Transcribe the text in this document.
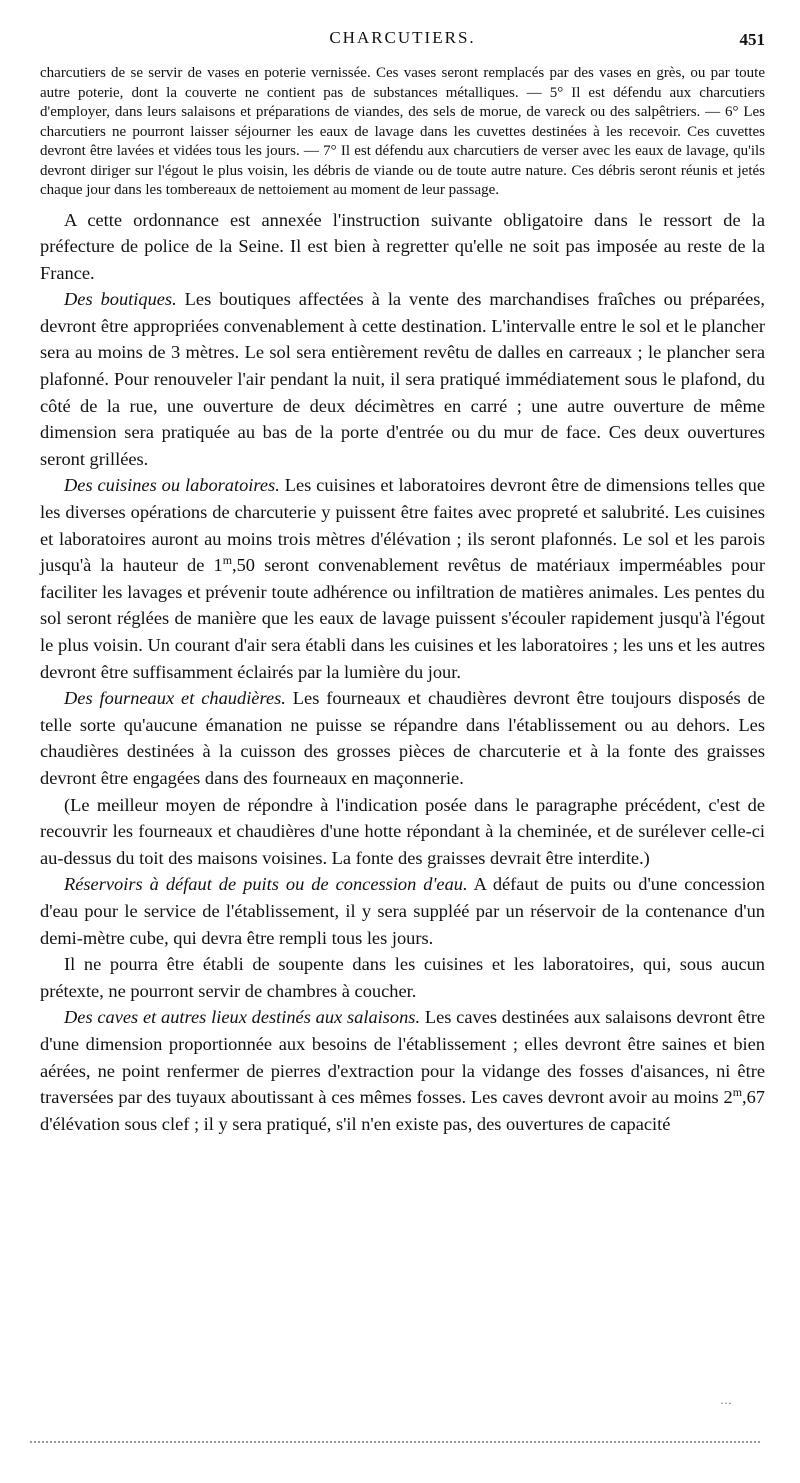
CHARCUTIERS.	451
charcutiers de se servir de vases en poterie vernissée. Ces vases seront remplacés par des vases en grès, ou par toute autre poterie, dont la couverte ne contient pas de substances métalliques. — 5° Il est défendu aux charcutiers d'employer, dans leurs salaisons et préparations de viandes, des sels de morue, de vareck ou des salpêtriers. — 6° Les charcutiers ne pourront laisser séjourner les eaux de lavage dans les cuvettes destinées à les recevoir. Ces cuvettes devront être lavées et vidées tous les jours. — 7° Il est défendu aux charcutiers de verser avec les eaux de lavage, qu'ils devront diriger sur l'égout le plus voisin, les débris de viande ou de toute autre nature. Ces débris seront réunis et jetés chaque jour dans les tombereaux de nettoiement au moment de leur passage.

A cette ordonnance est annexée l'instruction suivante obligatoire dans le ressort de la préfecture de police de la Seine. Il est bien à regretter qu'elle ne soit pas imposée au reste de la France.

Des boutiques. Les boutiques affectées à la vente des marchandises fraîches ou préparées, devront être appropriées convenablement à cette destination. L'intervalle entre le sol et le plancher sera au moins de 3 mètres. Le sol sera entièrement revêtu de dalles en carreaux ; le plancher sera plafonné. Pour renouveler l'air pendant la nuit, il sera pratiqué immédiatement sous le plafond, du côté de la rue, une ouverture de deux décimètres en carré ; une autre ouverture de même dimension sera pratiquée au bas de la porte d'entrée ou du mur de face. Ces deux ouvertures seront grillées.

Des cuisines ou laboratoires. Les cuisines et laboratoires devront être de dimensions telles que les diverses opérations de charcuterie y puissent être faites avec propreté et salubrité. Les cuisines et laboratoires auront au moins trois mètres d'élévation ; ils seront plafonnés. Le sol et les parois jusqu'à la hauteur de 1$^m$,50 seront convenablement revêtus de matériaux imperméables pour faciliter les lavages et prévenir toute adhérence ou infiltration de matières animales. Les pentes du sol seront réglées de manière que les eaux de lavage puissent s'écouler rapidement jusqu'à l'égout le plus voisin. Un courant d'air sera établi dans les cuisines et les laboratoires ; les uns et les autres devront être suffisamment éclairés par la lumière du jour.

Des fourneaux et chaudières. Les fourneaux et chaudières devront être toujours disposés de telle sorte qu'aucune émanation ne puisse se répandre dans l'établissement ou au dehors. Les chaudières destinées à la cuisson des grosses pièces de charcuterie et à la fonte des graisses devront être engagées dans des fourneaux en maçonnerie.

(Le meilleur moyen de répondre à l'indication posée dans le paragraphe précédent, c'est de recouvrir les fourneaux et chaudières d'une hotte répondant à la cheminée, et de surélever celle-ci au-dessus du toit des maisons voisines. La fonte des graisses devrait être interdite.)

Réservoirs à défaut de puits ou de concession d'eau. A défaut de puits ou d'une concession d'eau pour le service de l'établissement, il y sera suppléé par un réservoir de la contenance d'un demi-mètre cube, qui devra être rempli tous les jours.

Il ne pourra être établi de soupente dans les cuisines et les laboratoires, qui, sous aucun prétexte, ne pourront servir de chambres à coucher.

Des caves et autres lieux destinés aux salaisons. Les caves destinées aux salaisons devront être d'une dimension proportionnée aux besoins de l'établissement ; elles devront être saines et bien aérées, ne point renfermer de pierres d'extraction pour la vidange des fosses d'aisances, ni être traversées par des tuyaux aboutissant à ces mêmes fosses. Les caves devront avoir au moins 2$^m$,67 d'élévation sous clef ; il y sera pratiqué, s'il n'en existe pas, des ouvertures de capacité

…
